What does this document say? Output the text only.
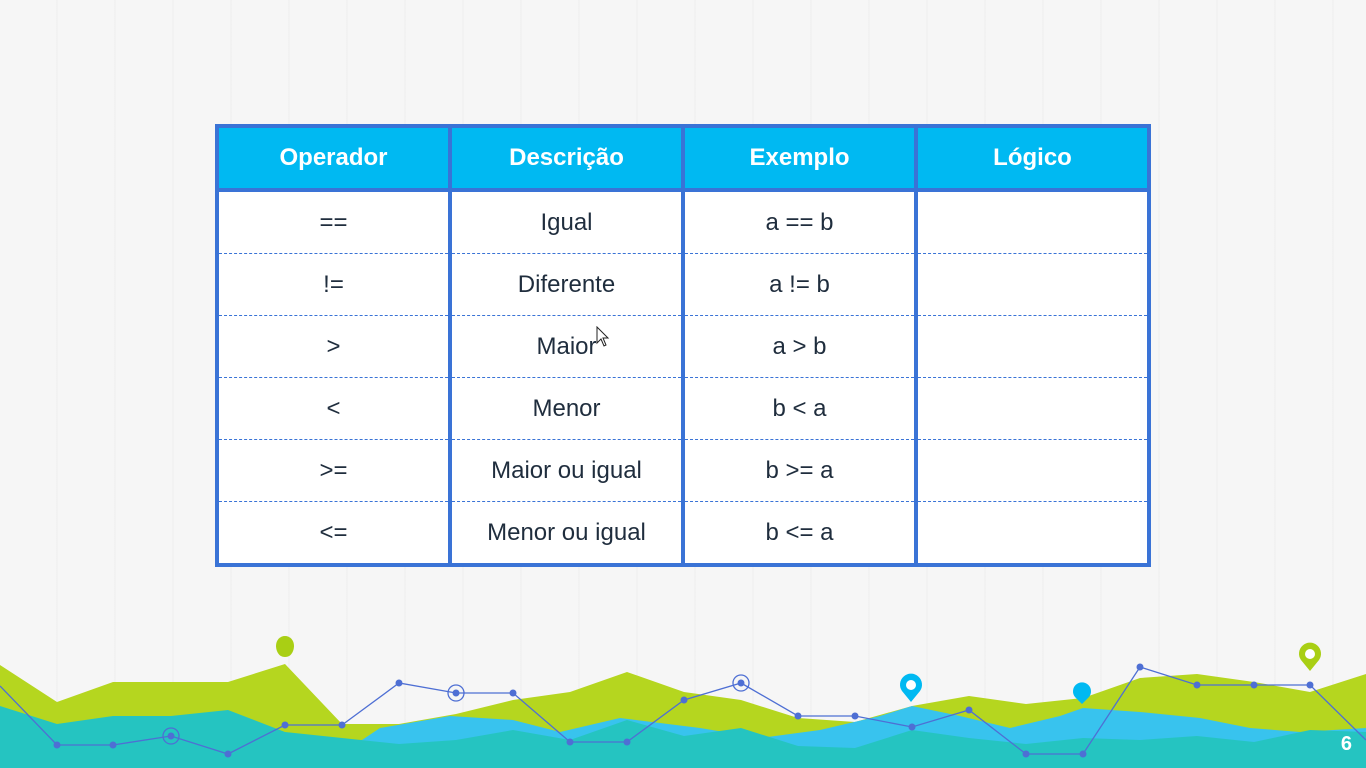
Operador	Descrição	Exemplo	Lógico
==	Igual	a == b	
!=	Diferente	a != b	
>	Maior	a > b	
<	Menor	b < a	
>=	Maior ou igual	b >= a	
<=	Menor ou igual	b <= a	
6
